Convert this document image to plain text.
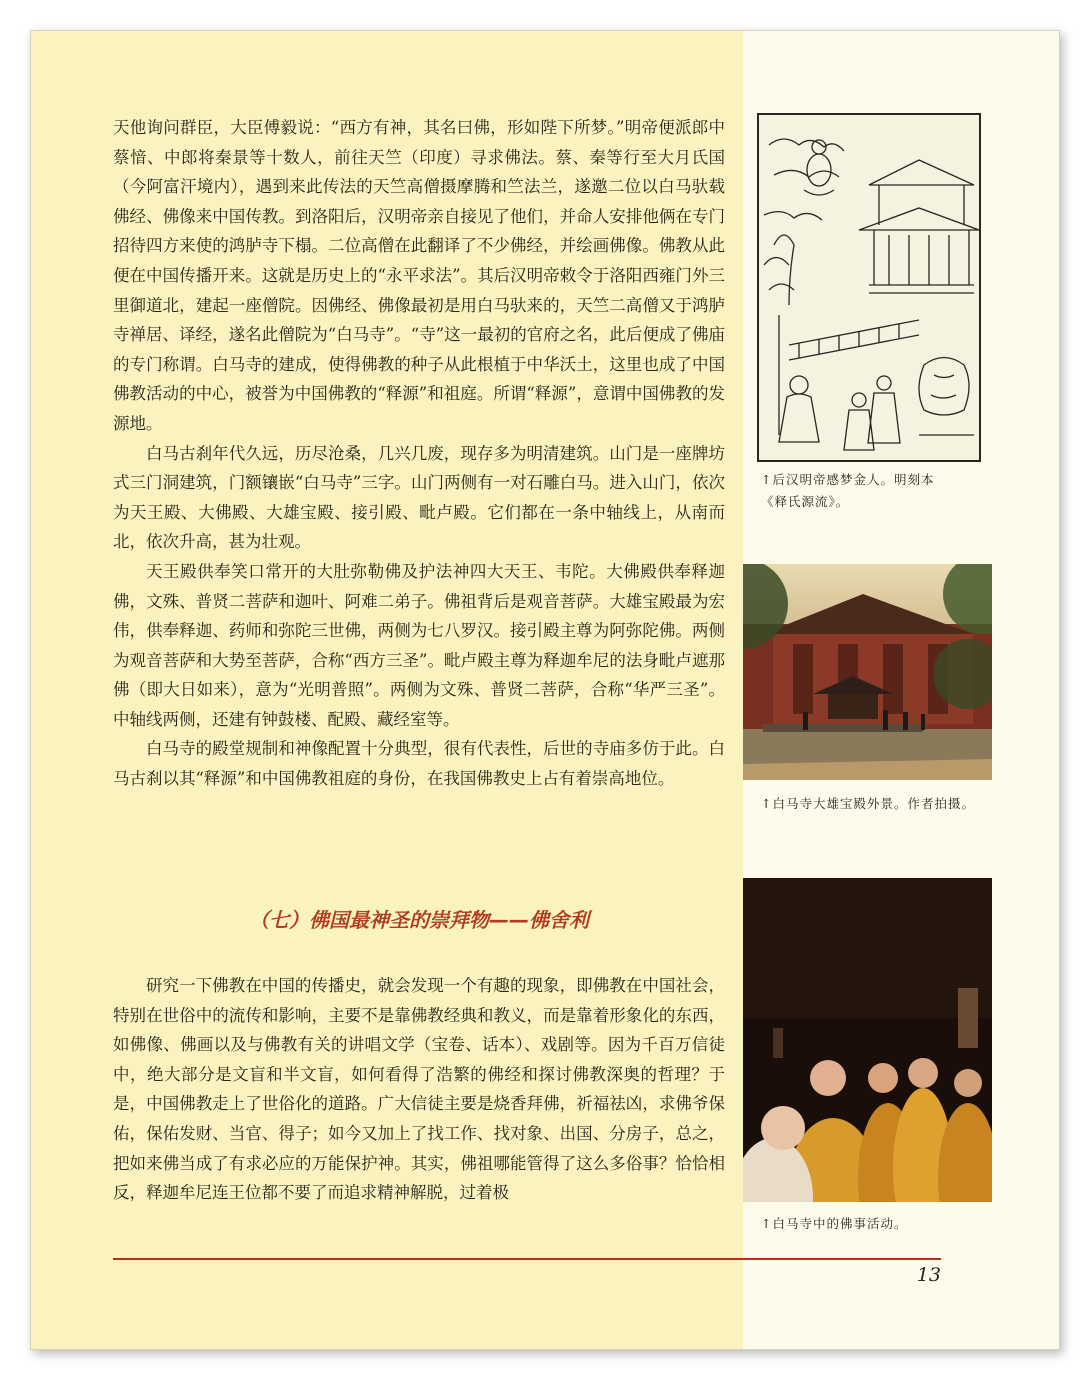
天他询问群臣，大臣傅毅说：“西方有神，其名曰佛，形如陛下所梦。”明帝便派郎中蔡愔、中郎将秦景等十数人，前往天竺（印度）寻求佛法。蔡、秦等行至大月氏国（今阿富汗境内），遇到来此传法的天竺高僧摄摩腾和竺法兰，遂邀二位以白马驮载佛经、佛像来中国传教。到洛阳后，汉明帝亲自接见了他们，并命人安排他俩在专门招待四方来使的鸿胪寺下榻。二位高僧在此翻译了不少佛经，并绘画佛像。佛教从此便在中国传播开来。这就是历史上的“永平求法”。其后汉明帝敕令于洛阳西雍门外三里御道北，建起一座僧院。因佛经、佛像最初是用白马驮来的，天竺二高僧又于鸿胪寺禅居、译经，遂名此僧院为“白马寺”。“寺”这一最初的官府之名，此后便成了佛庙的专门称谓。白马寺的建成，使得佛教的种子从此根植于中华沃土，这里也成了中国佛教活动的中心，被誉为中国佛教的“释源”和祖庭。所谓“释源”，意谓中国佛教的发源地。

白马古刹年代久远，历尽沧桑，几兴几废，现存多为明清建筑。山门是一座牌坊式三门洞建筑，门额镶嵌“白马寺”三字。山门两侧有一对石雕白马。进入山门，依次为天王殿、大佛殿、大雄宝殿、接引殿、毗卢殿。它们都在一条中轴线上，从南而北，依次升高，甚为壮观。

天王殿供奉笑口常开的大肚弥勒佛及护法神四大天王、韦陀。大佛殿供奉释迦佛，文殊、普贤二菩萨和迦叶、阿难二弟子。佛祖背后是观音菩萨。大雄宝殿最为宏伟，供奉释迦、药师和弥陀三世佛，两侧为七八罗汉。接引殿主尊为阿弥陀佛。两侧为观音菩萨和大势至菩萨，合称“西方三圣”。毗卢殿主尊为释迦牟尼的法身毗卢遮那佛（即大日如来），意为“光明普照”。两侧为文殊、普贤二菩萨，合称“华严三圣”。中轴线两侧，还建有钟鼓楼、配殿、藏经室等。

白马寺的殿堂规制和神像配置十分典型，很有代表性，后世的寺庙多仿于此。白马古刹以其“释源”和中国佛教祖庭的身份，在我国佛教史上占有着崇高地位。

（七）佛国最神圣的崇拜物——佛舍利

研究一下佛教在中国的传播史，就会发现一个有趣的现象，即佛教在中国社会，特别在世俗中的流传和影响，主要不是靠佛教经典和教义，而是靠着形象化的东西，如佛像、佛画以及与佛教有关的讲唱文学（宝卷、话本）、戏剧等。因为千百万信徒中，绝大部分是文盲和半文盲，如何看得了浩繁的佛经和探讨佛教深奥的哲理？于是，中国佛教走上了世俗化的道路。广大信徒主要是烧香拜佛，祈福祛凶，求佛爷保佑，保佑发财、当官、得子；如今又加上了找工作、找对象、出国、分房子，总之，把如来佛当成了有求必应的万能保护神。其实，佛祖哪能管得了这么多俗事？恰恰相反，释迦牟尼连王位都不要了而追求精神解脱，过着极

↑后汉明帝感梦金人。明刻本《释氏源流》。
↑白马寺大雄宝殿外景。作者拍摄。
↑白马寺中的佛事活动。
13
